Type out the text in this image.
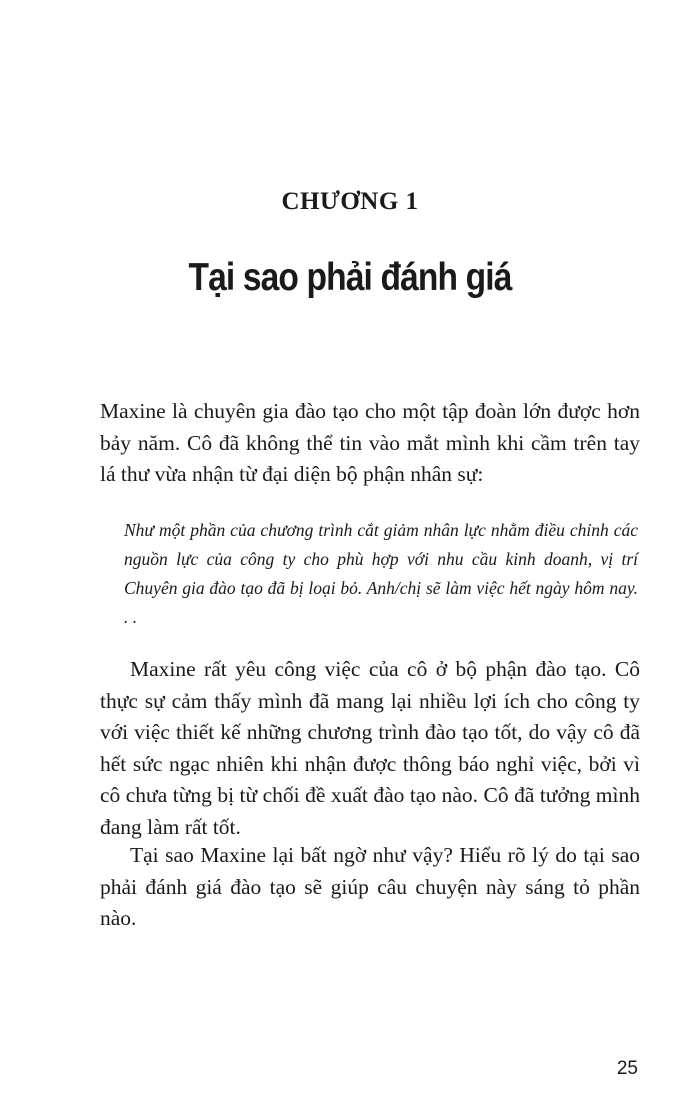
CHƯƠNG 1
Tại sao phải đánh giá

Maxine là chuyên gia đào tạo cho một tập đoàn lớn được hơn bảy năm. Cô đã không thể tin vào mắt mình khi cầm trên tay lá thư vừa nhận từ đại diện bộ phận nhân sự:

Như một phần của chương trình cắt giảm nhân lực nhằm điều chỉnh các nguồn lực của công ty cho phù hợp với nhu cầu kinh doanh, vị trí Chuyên gia đào tạo đã bị loại bỏ. Anh/chị sẽ làm việc hết ngày hôm nay. . .

Maxine rất yêu công việc của cô ở bộ phận đào tạo. Cô thực sự cảm thấy mình đã mang lại nhiều lợi ích cho công ty với việc thiết kế những chương trình đào tạo tốt, do vậy cô đã hết sức ngạc nhiên khi nhận được thông báo nghỉ việc, bởi vì cô chưa từng bị từ chối đề xuất đào tạo nào. Cô đã tưởng mình đang làm rất tốt.

Tại sao Maxine lại bất ngờ như vậy? Hiểu rõ lý do tại sao phải đánh giá đào tạo sẽ giúp câu chuyện này sáng tỏ phần nào.

25
